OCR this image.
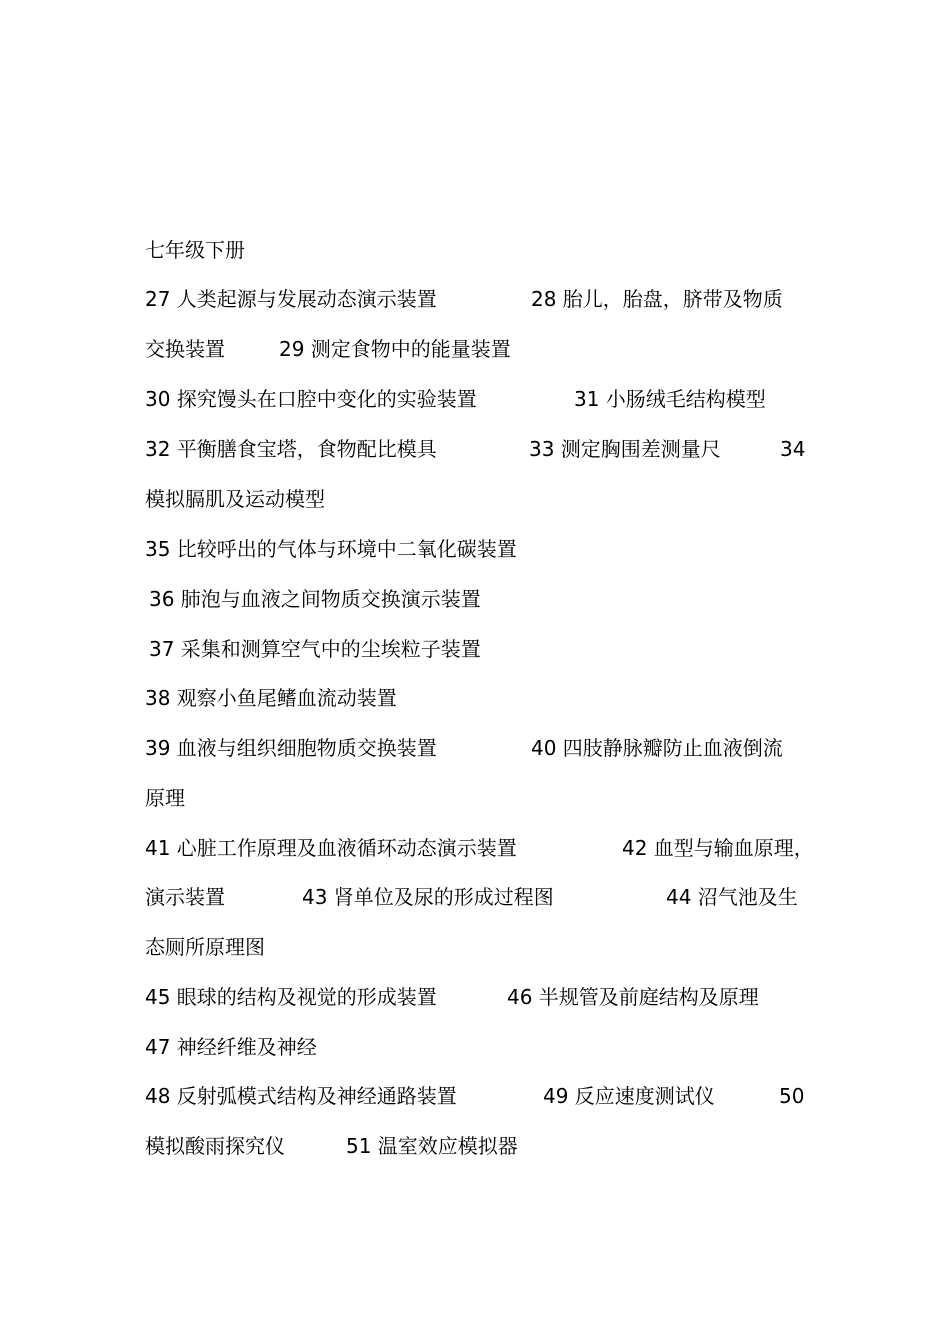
七年级下册
27 人类起源与发展动态演示装置	28 胎儿，胎盘，脐带及物质
交换装置	29 测定食物中的能量装置
30 探究馒头在口腔中变化的实验装置	31 小肠绒毛结构模型
32 平衡膳食宝塔，食物配比模具	33 测定胸围差测量尺	34
模拟膈肌及运动模型
35 比较呼出的气体与环境中二氧化碳装置
36 肺泡与血液之间物质交换演示装置
37 采集和测算空气中的尘埃粒子装置
38 观察小鱼尾鳍血流动装置
39 血液与组织细胞物质交换装置	40 四肢静脉瓣防止血液倒流
原理
41 心脏工作原理及血液循环动态演示装置	42 血型与输血原理，
演示装置	43 肾单位及尿的形成过程图	44 沼气池及生
态厕所原理图
45 眼球的结构及视觉的形成装置	46 半规管及前庭结构及原理
47 神经纤维及神经
48 反射弧模式结构及神经通路装置	49 反应速度测试仪	50
模拟酸雨探究仪	51 温室效应模拟器
